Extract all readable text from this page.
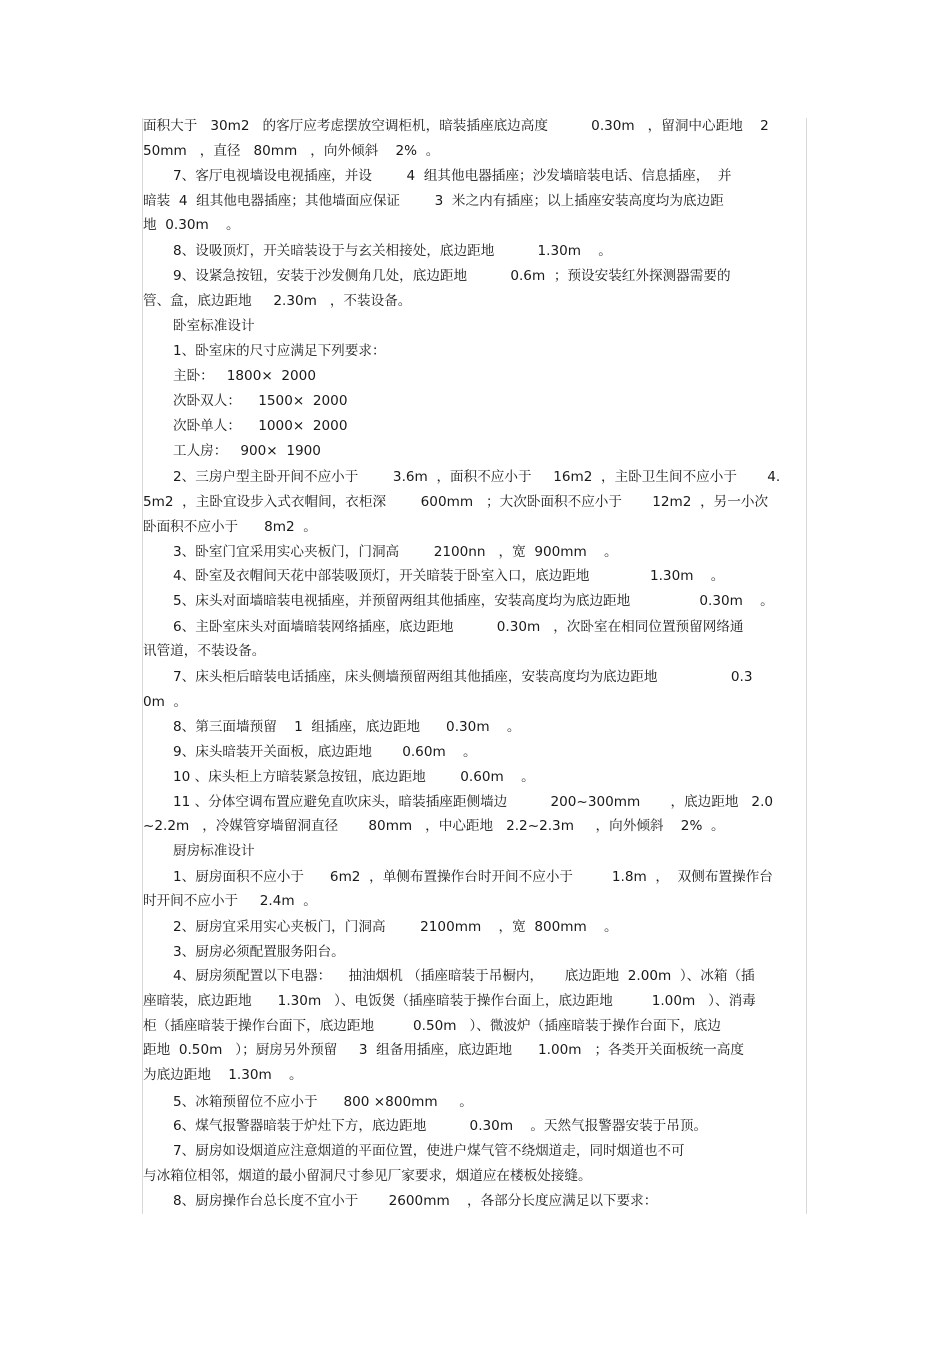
面积大于   30m2   的客厅应考虑摆放空调柜机，暗装插座底边高度          0.30m   ，留洞中心距地    2
50mm   ，直径   80mm   ，向外倾斜    2%  。
7、客厅电视墙设电视插座，并设        4  组其他电器插座；沙发墙暗装电话、信息插座，  并
暗装  4  组其他电器插座；其他墙面应保证        3  米之内有插座；以上插座安装高度均为底边距
地  0.30m    。
8、设吸顶灯，开关暗装设于与玄关相接处，底边距地          1.30m    。
9、设紧急按钮，安装于沙发侧角几处，底边距地          0.6m  ；预设安装红外探测器需要的
管、盒，底边距地     2.30m   ，不装设备。
卧室标准设计
1、卧室床的尺寸应满足下列要求：
主卧：   1800×  2000
次卧双人：    1500×  2000
次卧单人：    1000×  2000
工人房：   900×  1900
2、三房户型主卧开间不应小于        3.6m  ，面积不应小于     16m2  ，主卧卫生间不应小于       4.
5m2  ，主卧宜设步入式衣帽间，衣柜深        600mm   ；大次卧面积不应小于       12m2  ，另一小次
卧面积不应小于      8m2  。
3、卧室门宜采用实心夹板门，门洞高        2100nn   ，宽  900mm    。
4、卧室及衣帽间天花中部装吸顶灯，开关暗装于卧室入口，底边距地              1.30m    。
5、床头对面墙暗装电视插座，并预留两组其他插座，安装高度均为底边距地                0.30m    。
6、主卧室床头对面墙暗装网络插座，底边距地          0.30m   ，次卧室在相同位置预留网络通
讯管道，不装设备。
7、床头柜后暗装电话插座，床头侧墙预留两组其他插座，安装高度均为底边距地                 0.3
0m  。
8、第三面墙预留    1  组插座，底边距地      0.30m    。
9、床头暗装开关面板，底边距地       0.60m    。
10 、床头柜上方暗装紧急按钮，底边距地        0.60m    。
11 、分体空调布置应避免直吹床头，暗装插座距侧墙边          200~300mm       ，底边距地   2.0
~2.2m   ，冷媒管穿墙留洞直径       80mm   ，中心距地   2.2~2.3m     ，向外倾斜    2%  。
厨房标准设计
1、厨房面积不应小于      6m2  ，单侧布置操作台时开间不应小于         1.8m  ，  双侧布置操作台
时开间不应小于     2.4m  。
2、厨房宜采用实心夹板门，门洞高        2100mm    ，宽  800mm    。
3、厨房必须配置服务阳台。
4、厨房须配置以下电器：    抽油烟机 （插座暗装于吊橱内，     底边距地  2.00m  ）、冰箱（插
座暗装，底边距地      1.30m   ）、电饭煲（插座暗装于操作台面上，底边距地         1.00m   ）、消毒
柜（插座暗装于操作台面下，底边距地         0.50m   ）、微波炉（插座暗装于操作台面下，底边
距地  0.50m   ）；厨房另外预留     3  组备用插座，底边距地      1.00m   ；各类开关面板统一高度
为底边距地    1.30m    。
5、冰箱预留位不应小于      800 ×800mm     。
6、煤气报警器暗装于炉灶下方，底边距地          0.30m    。天然气报警器安装于吊顶。
7、厨房如设烟道应注意烟道的平面位置，使进户煤气管不绕烟道走，同时烟道也不可
与冰箱位相邻，烟道的最小留洞尺寸参见厂家要求，烟道应在楼板处接缝。
8、厨房操作台总长度不宜小于       2600mm    ，各部分长度应满足以下要求：
